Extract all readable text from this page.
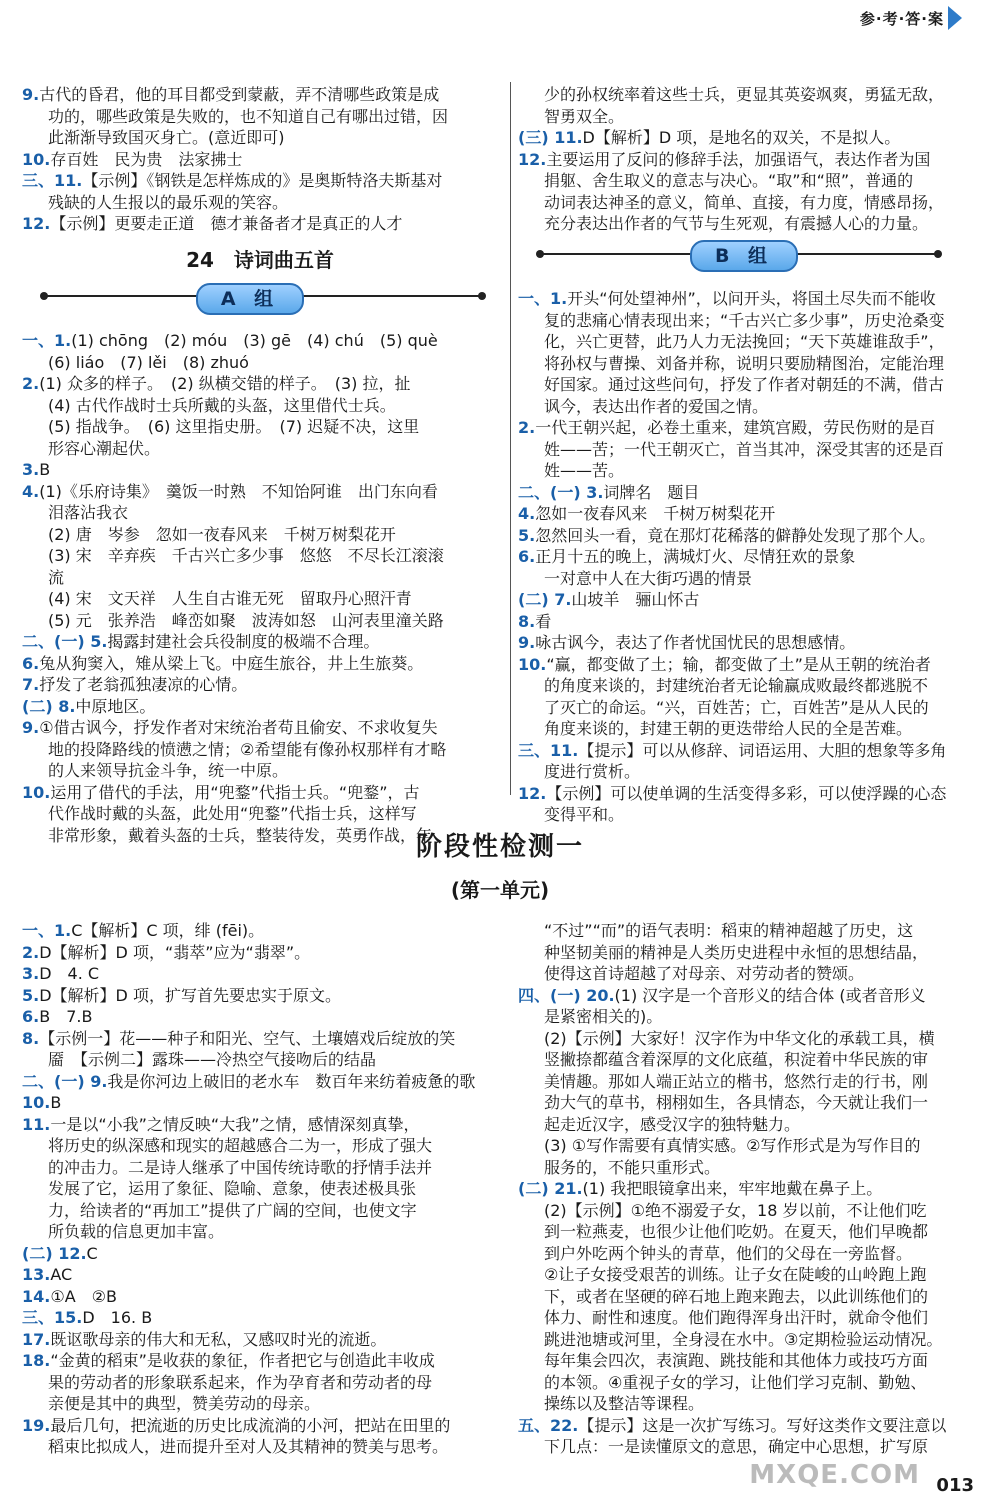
参·考·答·案

9.古代的昏君，他的耳目都受到蒙蔽，弄不清哪些政策是成

功的，哪些政策是失败的，也不知道自己有哪出过错，因

此渐渐导致国灭身亡。(意近即可)

10.存百姓　民为贵　法家拂士

三、11.【示例】《钢铁是怎样炼成的》是奥斯特洛夫斯基对

残缺的人生报以的最乐观的笑容。

12.【示例】更要走正道　德才兼备者才是真正的人才

24　诗词曲五首
A 组

一、1.(1) chōng　(2) móu　(3) gē　(4) chú　(5) què

(6) liáo　(7) lěi　(8) zhuó

2.(1) 众多的样子。　(2) 纵横交错的样子。　(3) 拉，扯

(4) 古代作战时士兵所戴的头盔，这里借代士兵。

(5) 指战争。　(6) 这里指史册。　(7) 迟疑不决，这里

形容心潮起伏。

3.B

4.(1)《乐府诗集》　羹饭一时熟　不知饴阿谁　出门东向看

泪落沾我衣

(2) 唐　岑参　忽如一夜春风来　千树万树梨花开

(3) 宋　辛弃疾　千古兴亡多少事　悠悠　不尽长江滚滚

流

(4) 宋　文天祥　人生自古谁无死　留取丹心照汗青

(5) 元　张养浩　峰峦如聚　波涛如怒　山河表里潼关路

二、(一) 5.揭露封建社会兵役制度的极端不合理。

6.兔从狗窦入，雉从梁上飞。中庭生旅谷，井上生旅葵。

7.抒发了老翁孤独凄凉的心情。

(二) 8.中原地区。

9.①借古讽今，抒发作者对宋统治者苟且偷安、不求收复失

地的投降路线的愤懑之情；②希望能有像孙权那样有才略

的人来领导抗金斗争，统一中原。

10.运用了借代的手法，用“兜鍪”代指士兵。“兜鍪”，古

代作战时戴的头盔，此处用“兜鍪”代指士兵，这样写

非常形象，戴着头盔的士兵，整装待发，英勇作战，年

少的孙权统率着这些士兵，更显其英姿飒爽，勇猛无敌，

智勇双全。

(三) 11.D【解析】D 项，是地名的双关，不是拟人。

12.主要运用了反问的修辞手法，加强语气，表达作者为国

捐躯、舍生取义的意志与决心。“取”和“照”，普通的

动词表达神圣的意义，简单、直接，有力度，情感昂扬，

充分表达出作者的气节与生死观，有震撼人心的力量。

B 组

一、1.开头“何处望神州”，以问开头，将国土尽失而不能收

复的悲痛心情表现出来；“千古兴亡多少事”，历史沧桑变

化，兴亡更替，此乃人力无法挽回；“天下英雄谁敌手”，

将孙权与曹操、刘备并称，说明只要励精图治，定能治理

好国家。通过这些问句，抒发了作者对朝廷的不满，借古

讽今，表达出作者的爱国之情。

2.一代王朝兴起，必卷土重来，建筑宫殿，劳民伤财的是百

姓——苦；一代王朝灭亡，首当其冲，深受其害的还是百

姓——苦。

二、(一) 3.词牌名　题目

4.忽如一夜春风来　千树万树梨花开

5.忽然回头一看，竟在那灯花稀落的僻静处发现了那个人。

6.正月十五的晚上，满城灯火、尽情狂欢的景象

一对意中人在大街巧遇的情景

(二) 7.山坡羊　骊山怀古

8.看

9.咏古讽今，表达了作者忧国忧民的思想感情。

10.“赢，都变做了土；输，都变做了土”是从王朝的统治者

的角度来谈的，封建统治者无论输赢成败最终都逃脱不

了灭亡的命运。“兴，百姓苦；亡，百姓苦”是从人民的

角度来谈的，封建王朝的更迭带给人民的全是苦难。

三、11.【提示】可以从修辞、词语运用、大胆的想象等多角

度进行赏析。

12.【示例】可以使单调的生活变得多彩，可以使浮躁的心态

变得平和。

阶段性检测一
(第一单元)

一、1.C【解析】C 项，绯 (fēi)。

2.D【解析】D 项，“翡萃”应为“翡翠”。

3.D　4. C

5.D【解析】D 项，扩写首先要忠实于原文。

6.B　7.B

8.【示例一】花——种子和阳光、空气、土壤嬉戏后绽放的笑

靥　【示例二】露珠——冷热空气接吻后的结晶

二、(一) 9.我是你河边上破旧的老水车　数百年来纺着疲惫的歌

10.B

11.一是以“小我”之情反映“大我”之情，感情深刻真挚，

将历史的纵深感和现实的超越感合二为一，形成了强大

的冲击力。二是诗人继承了中国传统诗歌的抒情手法并

发展了它，运用了象征、隐喻、意象，使表述极具张

力，给读者的“再加工”提供了广阔的空间，也使文字

所负载的信息更加丰富。

(二) 12.C

13.AC

14.①A　②B

三、15.D　16. B

17.既讴歌母亲的伟大和无私，又感叹时光的流逝。

18.“金黄的稻束”是收获的象征，作者把它与创造此丰收成

果的劳动者的形象联系起来，作为孕育者和劳动者的母

亲便是其中的典型，赞美劳动的母亲。

19.最后几句，把流逝的历史比成流淌的小河，把站在田里的

稻束比拟成人，进而提升至对人及其精神的赞美与思考。

“不过”“而”的语气表明：稻束的精神超越了历史，这

种坚韧美丽的精神是人类历史进程中永恒的思想结晶，

使得这首诗超越了对母亲、对劳动者的赞颂。

四、(一) 20.(1) 汉字是一个音形义的结合体 (或者音形义

是紧密相关的)。

(2)【示例】大家好！汉字作为中华文化的承载工具，横

竖撇捺都蕴含着深厚的文化底蕴，积淀着中华民族的审

美情趣。那如人端正站立的楷书，悠然行走的行书，刚

劲大气的草书，栩栩如生，各具情态，今天就让我们一

起走近汉字，感受汉字的独特魅力。

(3) ①写作需要有真情实感。②写作形式是为写作目的

服务的，不能只重形式。

(二) 21.(1) 我把眼镜拿出来，牢牢地戴在鼻子上。

(2)【示例】①绝不溺爱子女，18 岁以前，不让他们吃

到一粒燕麦，也很少让他们吃奶。在夏天，他们早晚都

到户外吃两个钟头的青草，他们的父母在一旁监督。

②让子女接受艰苦的训练。让子女在陡峻的山岭跑上跑

下，或者在坚硬的碎石地上跑来跑去，以此训练他们的

体力、耐性和速度。他们跑得浑身出汗时，就命令他们

跳进池塘或河里，全身浸在水中。③定期检验运动情况。

每年集会四次，表演跑、跳技能和其他体力或技巧方面

的本领。④重视子女的学习，让他们学习克制、勤勉、

操练以及整洁等课程。

五、22.【提示】这是一次扩写练习。写好这类作文要注意以

下几点：一是读懂原文的意思，确定中心思想，扩写原

MXQE.COM 013
